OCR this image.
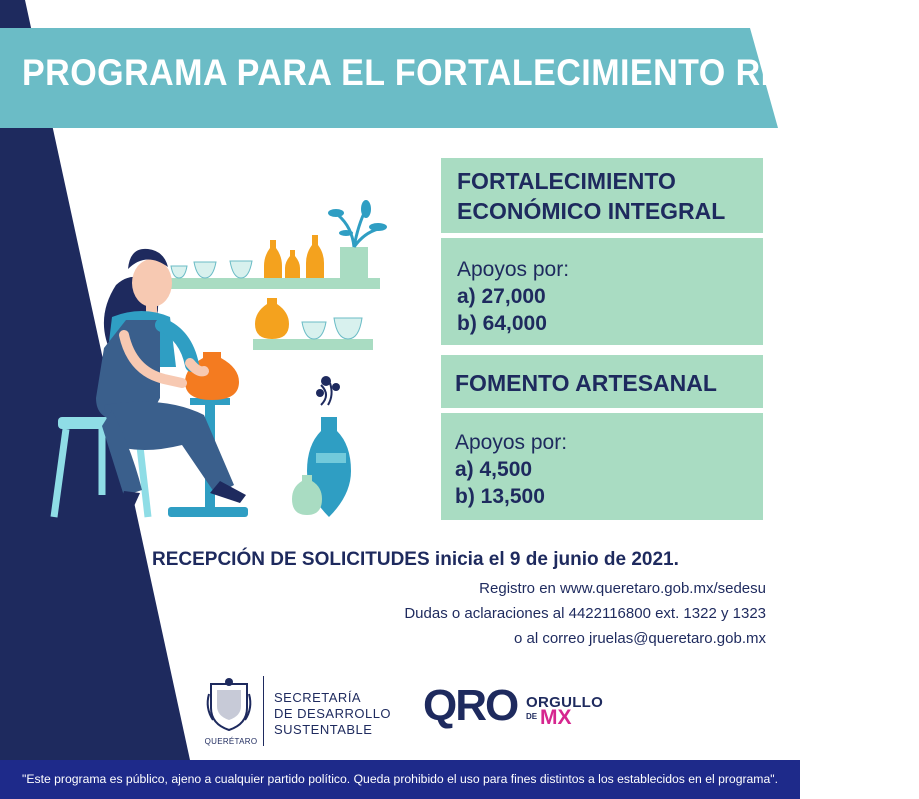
PROGRAMA PARA EL FORTALECIMIENTO REGIONAL
FORTALECIMIENTO
ECONÓMICO INTEGRAL
Apoyos por:
a) 27,000
b) 64,000
FOMENTO ARTESANAL
Apoyos por:
a) 4,500
b) 13,500
RECEPCIÓN DE SOLICITUDES inicia el 9 de junio de 2021.
Registro en www.queretaro.gob.mx/sedesu
Dudas o aclaraciones al 4422116800 ext. 1322 y 1323
o al correo jruelas@queretaro.gob.mx
QUERÉTARO
SECRETARÍA
DE DESARROLLO
SUSTENTABLE	QRO DE
ORGULLO
MX
"Este programa es público, ajeno a cualquier partido político. Queda prohibido el uso para fines distintos a los establecidos en el programa".
